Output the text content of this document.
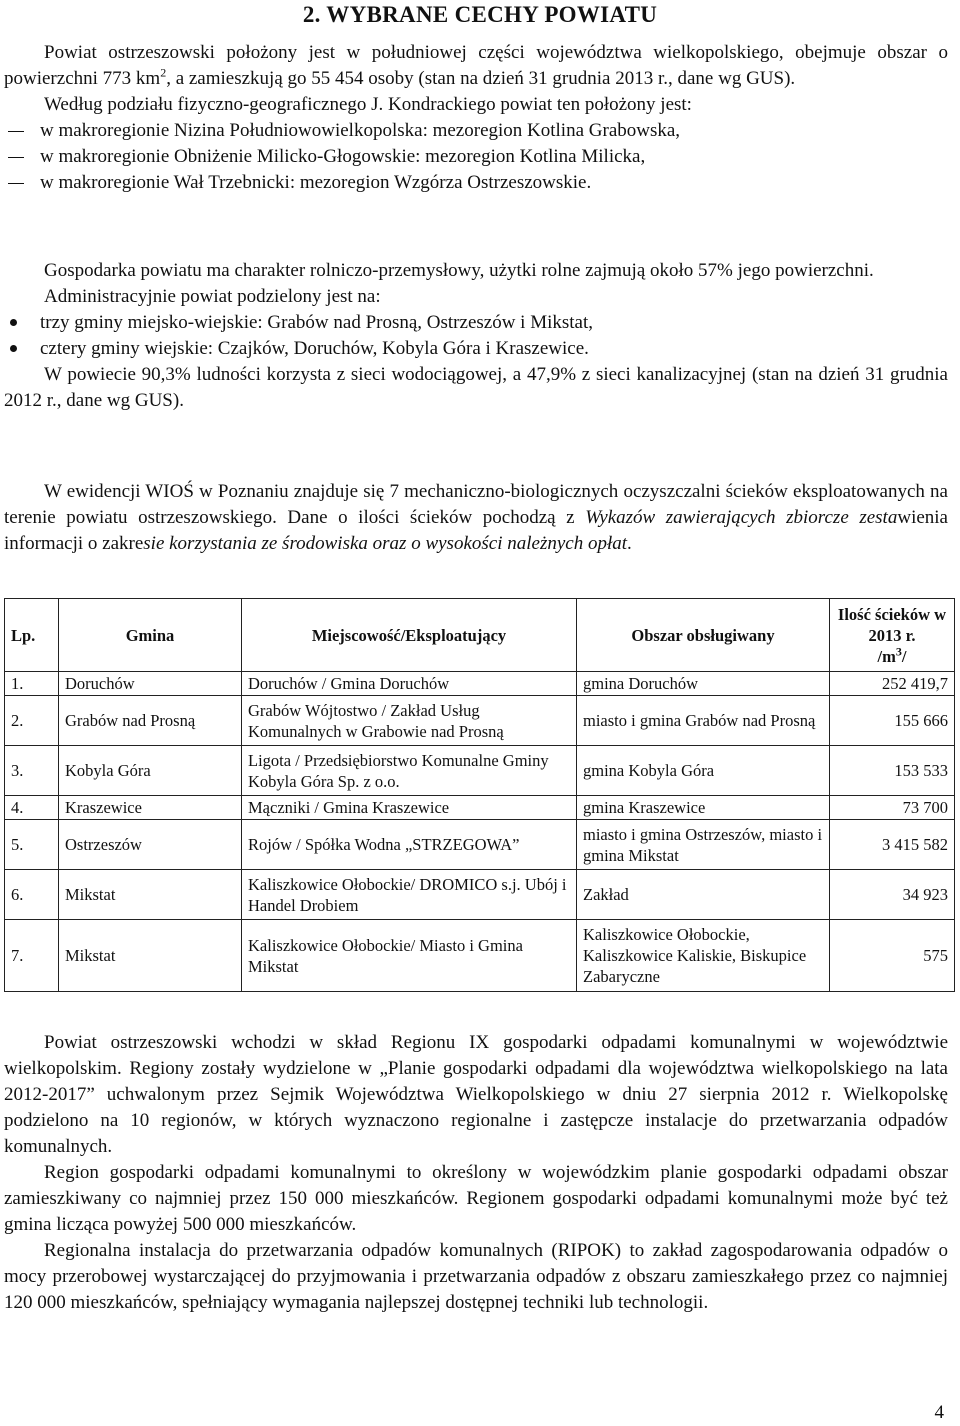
2. WYBRANE CECHY POWIATU

Powiat ostrzeszowski położony jest w południowej części województwa wielkopolskiego, obejmuje obszar o powierzchni 773 $km^2$, a zamieszkują go 55 454 osoby (stan na dzień 31 grudnia 2013 r., dane wg GUS).

Według podziału fizyczno-geograficznego J. Kondrackiego powiat ten położony jest:

w makroregionie Nizina Południowowielkopolska: mezoregion Kotlina Grabowska,
w makroregionie Obniżenie Milicko-Głogowskie: mezoregion Kotlina Milicka,
w makroregionie Wał Trzebnicki: mezoregion Wzgórza Ostrzeszowskie.

Gospodarka powiatu ma charakter rolniczo-przemysłowy, użytki rolne zajmują około 57% jego powierzchni.

Administracyjnie powiat podzielony jest na:

trzy gminy miejsko-wiejskie: Grabów nad Prosną, Ostrzeszów i Mikstat,
cztery gminy wiejskie: Czajków, Doruchów, Kobyla Góra i Kraszewice.

W powiecie 90,3% ludności korzysta z sieci wodociągowej, a 47,9% z sieci kanalizacyjnej (stan na dzień 31 grudnia 2012 r., dane wg GUS).

W ewidencji WIOŚ w Poznaniu znajduje się 7 mechaniczno-biologicznych oczyszczalni ścieków eksploatowanych na terenie powiatu ostrzeszowskiego. Dane o ilości ścieków pochodzą z Wykazów zawierających zbiorcze zestawienia informacji o zakresie korzystania ze środowiska oraz o wysokości należnych opłat.

Lp.	Gmina	Miejscowość/Eksploatujący	Obszar obsługiwany	Ilość ścieków w 2013 r.
$/m^3/$
1.	Doruchów	Doruchów / Gmina Doruchów	gmina Doruchów	252 419,7
2.	Grabów nad Prosną	Grabów Wójtostwo / Zakład Usług Komunalnych w Grabowie nad Prosną	miasto i gmina Grabów nad Prosną	155 666
3.	Kobyla Góra	Ligota / Przedsiębiorstwo Komunalne Gminy Kobyla Góra Sp. z o.o.	gmina Kobyla Góra	153 533
4.	Kraszewice	Mączniki / Gmina Kraszewice	gmina Kraszewice	73 700
5.	Ostrzeszów	Rojów / Spółka Wodna „STRZEGOWA”	miasto i gmina Ostrzeszów, miasto i gmina Mikstat	3 415 582
6.	Mikstat	Kaliszkowice Ołobockie/ DROMICO s.j. Ubój i Handel Drobiem	Zakład	34 923
7.	Mikstat	Kaliszkowice Ołobockie/ Miasto i Gmina Mikstat	Kaliszkowice Ołobockie, Kaliszkowice Kaliskie, Biskupice Zabaryczne	575

Powiat ostrzeszowski wchodzi w skład Regionu IX gospodarki odpadami komunalnymi w województwie wielkopolskim. Regiony zostały wydzielone w „Planie gospodarki odpadami dla województwa wielkopolskiego na lata 2012-2017” uchwalonym przez Sejmik Województwa Wielkopolskiego w dniu 27 sierpnia 2012 r. Wielkopolskę podzielono na 10 regionów, w których wyznaczono regionalne i zastępcze instalacje do przetwarzania odpadów komunalnych.

Region gospodarki odpadami komunalnymi to określony w wojewódzkim planie gospodarki odpadami obszar zamieszkiwany co najmniej przez 150 000 mieszkańców. Regionem gospodarki odpadami komunalnymi może być też gmina licząca powyżej 500 000 mieszkańców.

Regionalna instalacja do przetwarzania odpadów komunalnych (RIPOK) to zakład zagospodarowania odpadów o mocy przerobowej wystarczającej do przyjmowania i przetwarzania odpadów z obszaru zamieszkałego przez co najmniej 120 000 mieszkańców, spełniający wymagania najlepszej dostępnej techniki lub technologii.

4
